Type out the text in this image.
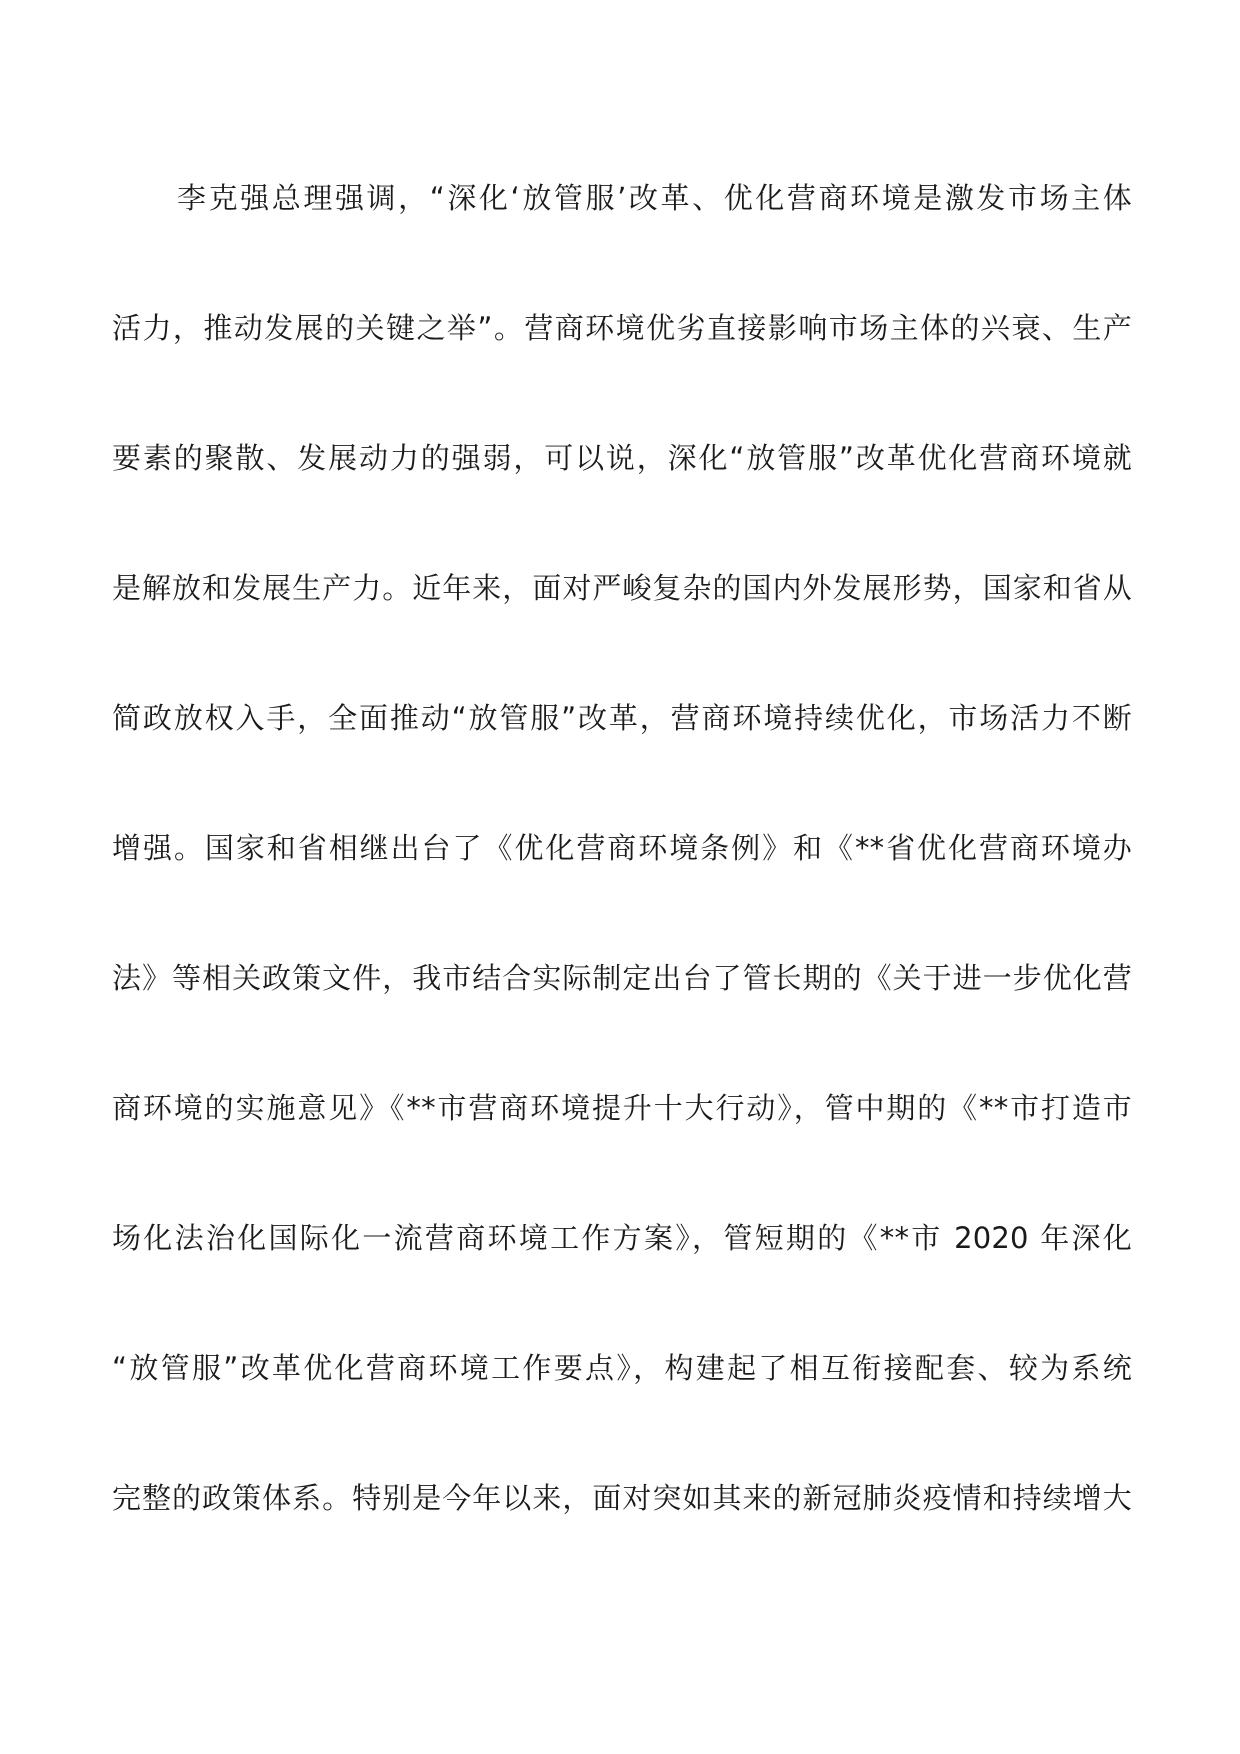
李克强总理强调，“深化‘放管服’改革、优化营商环境是激发市场主体
活力，推动发展的关键之举”。营商环境优劣直接影响市场主体的兴衰、生产
要素的聚散、发展动力的强弱，可以说，深化“放管服”改革优化营商环境就
是解放和发展生产力。近年来，面对严峻复杂的国内外发展形势，国家和省从
简政放权入手，全面推动“放管服”改革，营商环境持续优化，市场活力不断
增强。国家和省相继出台了《优化营商环境条例》和《**省优化营商环境办
法》等相关政策文件，我市结合实际制定出台了管长期的《关于进一步优化营
商环境的实施意见》《**市营商环境提升十大行动》，管中期的《**市打造市
场化法治化国际化一流营商环境工作方案》，管短期的《**市 2020 年深化
“放管服”改革优化营商环境工作要点》，构建起了相互衔接配套、较为系统
完整的政策体系。特别是今年以来，面对突如其来的新冠肺炎疫情和持续增大
